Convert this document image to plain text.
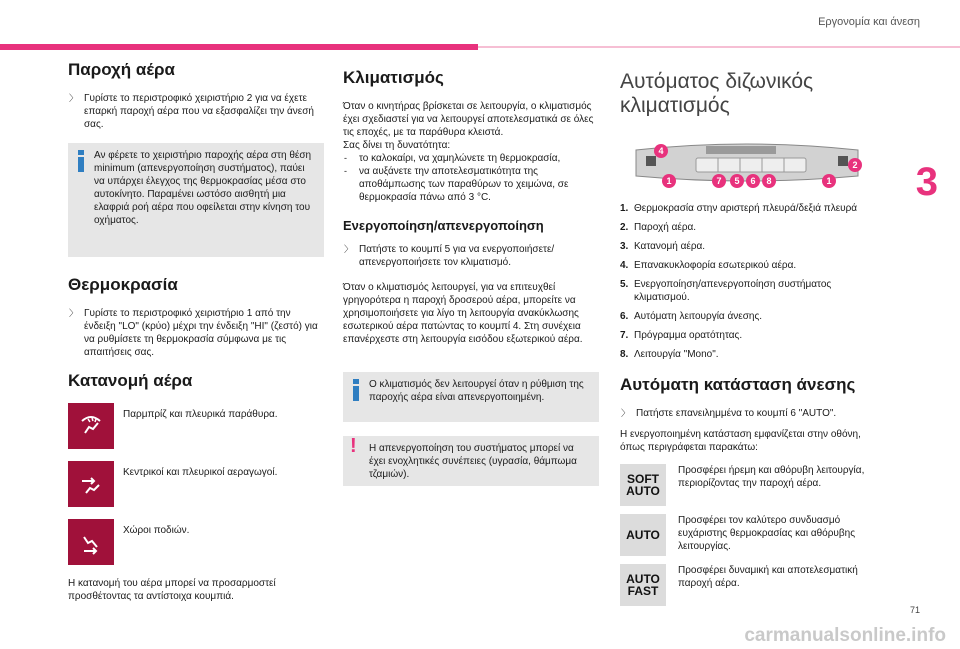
Εργονομία και άνεση
3
71
carmanualsonline.info
Παροχή αέρα
〉 Γυρίστε το περιστροφικό χειριστήριο 2 για να έχετε επαρκή παροχή αέρα που να εξασφαλίζει την άνεσή σας.
Αν φέρετε το χειριστήριο παροχής αέρα στη θέση minimum (απενεργοποίηση συστήματος), παύει να υπάρχει έλεγχος της θερμοκρασίας μέσα στο αυτοκίνητο. Παραμένει ωστόσο αισθητή μια ελαφριά ροή αέρα που οφείλεται στην κίνηση του οχήματος.
Θερμοκρασία
〉 Γυρίστε το περιστροφικό χειριστήριο 1 από την ένδειξη "LO" (κρύο) μέχρι την ένδειξη "HI" (ζεστό) για να ρυθμίσετε τη θερμοκρασία σύμφωνα με τις απαιτήσεις σας.
Κατανομή αέρα
Παρμπρίζ και πλευρικά παράθυρα.
Κεντρικοί και πλευρικοί αεραγωγοί.
Χώροι ποδιών.

Η κατανομή του αέρα μπορεί να προσαρμοστεί προσθέτοντας τα αντίστοιχα κουμπιά.

Κλιματισμός

Όταν ο κινητήρας βρίσκεται σε λειτουργία, ο κλιματισμός έχει σχεδιαστεί για να λειτουργεί αποτελεσματικά σε όλες τις εποχές, με τα παράθυρα κλειστά.

Σας δίνει τη δυνατότητα:

- το καλοκαίρι, να χαμηλώνετε τη θερμοκρασία,
- να αυξάνετε την αποτελεσματικότητα της αποθάμπωσης των παραθύρων το χειμώνα, σε θερμοκρασία πάνω από 3 °C.
Ενεργοποίηση/απενεργοποίηση
〉 Πατήστε το κουμπί 5 για να ενεργοποιήσετε/απενεργοποιήσετε τον κλιματισμό.

Όταν ο κλιματισμός λειτουργεί, για να επιτευχθεί γρηγορότερα η παροχή δροσερού αέρα, μπορείτε να χρησιμοποιήσετε για λίγο τη λειτουργία ανακύκλωσης εσωτερικού αέρα πατώντας το κουμπί 4. Στη συνέχεια επανέρχεστε στη λειτουργία εισόδου εξωτερικού αέρα.

Ο κλιματισμός δεν λειτουργεί όταν η ρύθμιση της παροχής αέρα είναι απενεργοποιημένη.
!	Η απενεργοποίηση του συστήματος μπορεί να έχει ενοχλητικές συνέπειες (υγρασία, θάμπωμα τζαμιών).
Αυτόματος διζωνικός κλιματισμός
4
2
1	7	5	6	8	1
1. Θερμοκρασία στην αριστερή πλευρά/δεξιά πλευρά
2. Παροχή αέρα.
3. Κατανομή αέρα.
4. Επανακυκλοφορία εσωτερικού αέρα.
5. Ενεργοποίηση/απενεργοποίηση συστήματος κλιματισμού.
6. Αυτόματη λειτουργία άνεσης.
7. Πρόγραμμα ορατότητας.
8. Λειτουργία "Mono".
Αυτόματη κατάσταση άνεσης
〉 Πατήστε επανειλημμένα το κουμπί 6 "AUTO".

Η ενεργοποιημένη κατάσταση εμφανίζεται στην οθόνη, όπως περιγράφεται παρακάτω:

SOFT
AUTO
Προσφέρει ήρεμη και αθόρυβη λειτουργία, περιορίζοντας την παροχή αέρα.
AUTO
Προσφέρει τον καλύτερο συνδυασμό ευχάριστης θερμοκρασίας και αθόρυβης λειτουργίας.
AUTO
FAST
Προσφέρει δυναμική και αποτελεσματική παροχή αέρα.
